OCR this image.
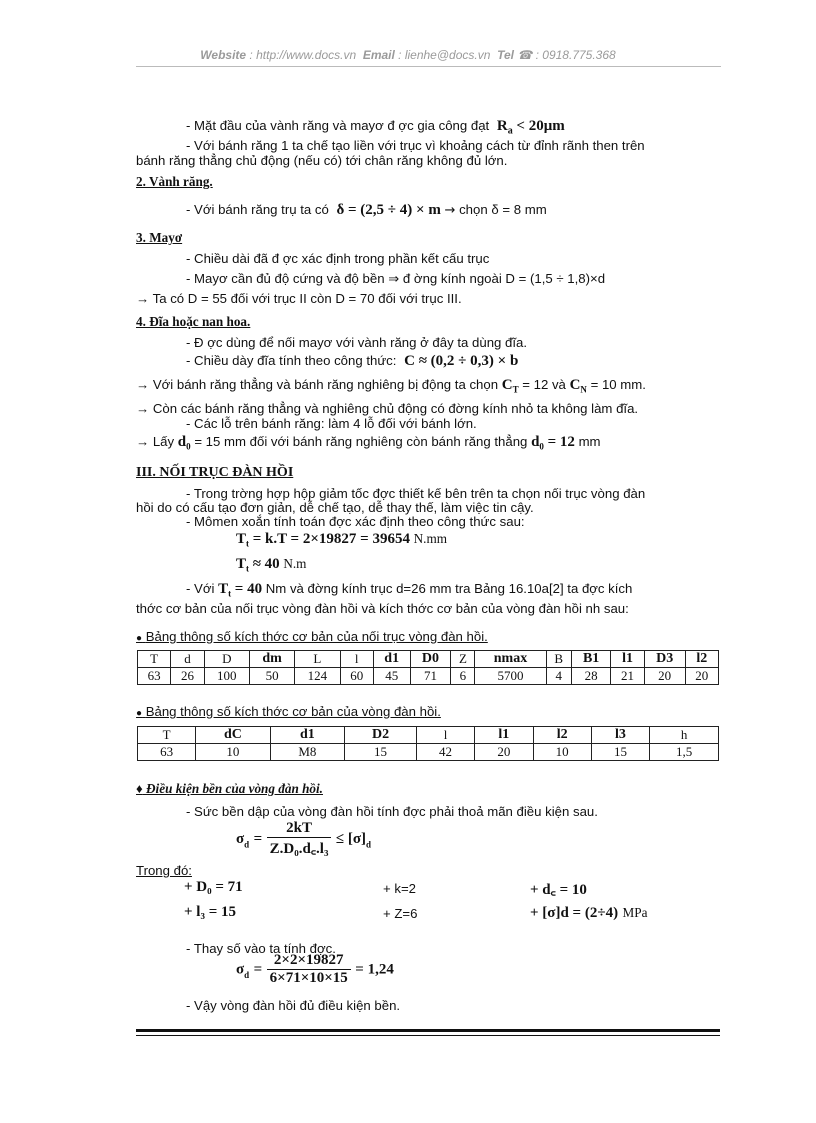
Website : http://www.docs.vn Email : lienhe@docs.vn Tel ☎ : 0918.775.368
- Mặt đầu của vành răng và mayơ đ ợc gia công đạt $R_a < 20\mu m$
- Với bánh răng 1 ta chế tạo liền với trục vì khoảng cách từ đỉnh rãnh then trên
bánh răng thẳng chủ động (nếu có) tới chân răng không đủ lớn.
2. Vành răng.
- Với bánh răng trụ ta có δ = (2,5 ÷ 4) × m → chọn δ = 8 mm
3. Mayơ
- Chiều dài đã đ ợc xác định trong phần kết cấu trục
- Mayơ cần đủ độ cứng và độ bền ⇒ đ ờng kính ngoài D = (1,5 ÷ 1,8)×d
→ Ta có D = 55 đối với trục II còn D = 70 đối với trục III.
4. Đĩa hoặc nan hoa.
- Đ ợc dùng để nối mayơ với vành răng ở đây ta dùng đĩa.
- Chiều dày đĩa tính theo công thức: C ≈ (0,2 ÷ 0,3) × b
→ Với bánh răng thẳng và bánh răng nghiêng bị động ta chọn $C_T = 12$ và $C_N = 10$ mm.
→ Còn các bánh răng thẳng và nghiêng chủ động có đờng kính nhỏ ta không làm đĩa.
- Các lỗ trên bánh răng: làm 4 lỗ đối với bánh lớn.
→ Lấy $d_0 = 15$ mm đối với bánh răng nghiêng còn bánh răng thẳng $d_0 = 12$ mm
III. NỐI TRỤC ĐÀN HỒI
- Trong trờng hợp hộp giảm tốc đợc thiết kế bên trên ta chọn nối trục vòng đàn
hồi do có cấu tạo đơn giản, dễ chế tạo, dễ thay thế, làm việc tin cậy.
- Mômen xoắn tính toán đợc xác định theo công thức sau:
$T_t = k.T = 2\times 19827 = 39654$ N.mm
$T_t \approx 40$ N.m
- Với $T_t = 40$ Nm và đờng kính trục d=26 mm tra Bảng 16.10a[2] ta đợc kích
thớc cơ bản của nối trục vòng đàn hồi và kích thớc cơ bản của vòng đàn hồi nh sau:
● Bảng thông số kích thớc cơ bản của nối trục vòng đàn hồi.
T	d	D	dm	L	l	d1	D0	Z	nmax	B	B1	l1	D3	l2
63	26	100	50	124	60	45	71	6	5700	4	28	21	20	20
● Bảng thông số kích thớc cơ bản của vòng đàn hồi.
T	dC	d1	D2	l	l1	l2	l3	h
63	10	M8	15	42	20	10	15	1,5
♦ Điều kiện bền của vòng đàn hồi.
- Sức bền dập của vòng đàn hồi tính đợc phải thoả mãn điều kiện sau.
$\sigma_d = \frac{2kT}{\text{Z.D₀.d꜀.l₃}} \le [\sigma]_d$
Trong đó:
+ D₀ = 71	+ k=2	+ d꜀ = 10
+ l₃ = 15	+ Z=6	+ [σ]d = (2÷4) MPa
- Thay số vào ta tính đợc.
$\sigma_d = \frac{2\times 2\times 19827}{6\times 71\times 10\times 15} = 1,24$
- Vậy vòng đàn hồi đủ điều kiện bền.
